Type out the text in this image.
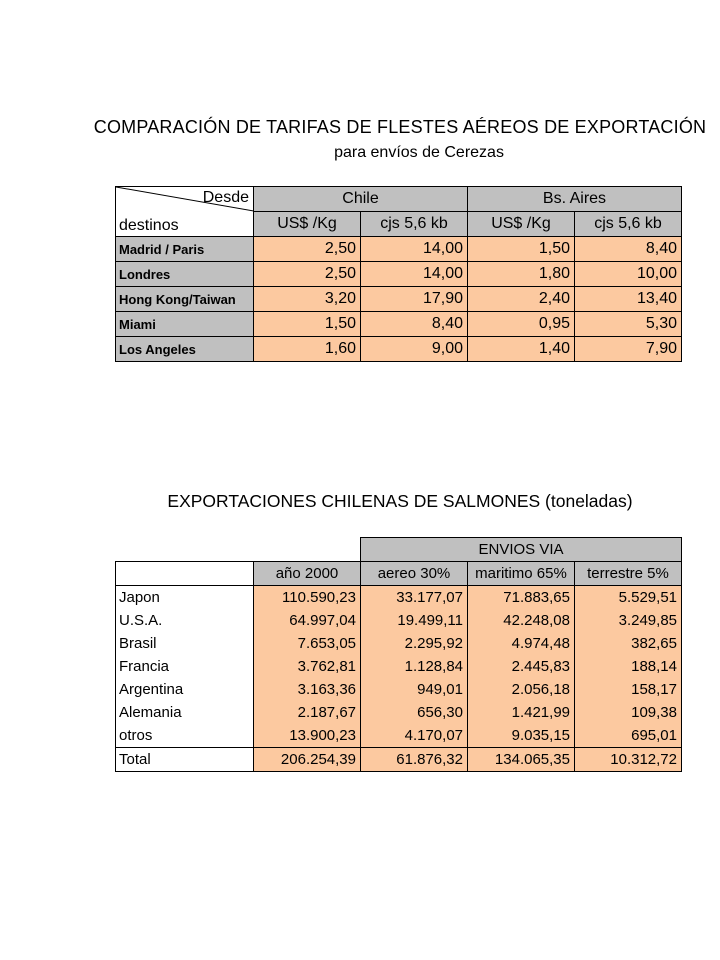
COMPARACIÓN DE TARIFAS DE FLESTES AÉREOS DE EXPORTACIÓN
para envíos de Cerezas
Desde
destinos	Chile		Bs. Aires	
	US$ /Kg	cjs 5,6 kb	US$ /Kg	cjs 5,6 kb
Madrid / Paris	2,50	14,00	1,50	8,40
Londres	2,50	14,00	1,80	10,00
Hong Kong/Taiwan	3,20	17,90	2,40	13,40
Miami	1,50	8,40	0,95	5,30
Los Angeles	1,60	9,00	1,40	7,90
EXPORTACIONES CHILENAS DE SALMONES (toneladas)
		ENVIOS VIA		
	año 2000	aereo 30%	maritimo 65%	terrestre 5%
Japon	110.590,23	33.177,07	71.883,65	5.529,51
U.S.A.	64.997,04	19.499,11	42.248,08	3.249,85
Brasil	7.653,05	2.295,92	4.974,48	382,65
Francia	3.762,81	1.128,84	2.445,83	188,14
Argentina	3.163,36	949,01	2.056,18	158,17
Alemania	2.187,67	656,30	1.421,99	109,38
otros	13.900,23	4.170,07	9.035,15	695,01
Total	206.254,39	61.876,32	134.065,35	10.312,72
